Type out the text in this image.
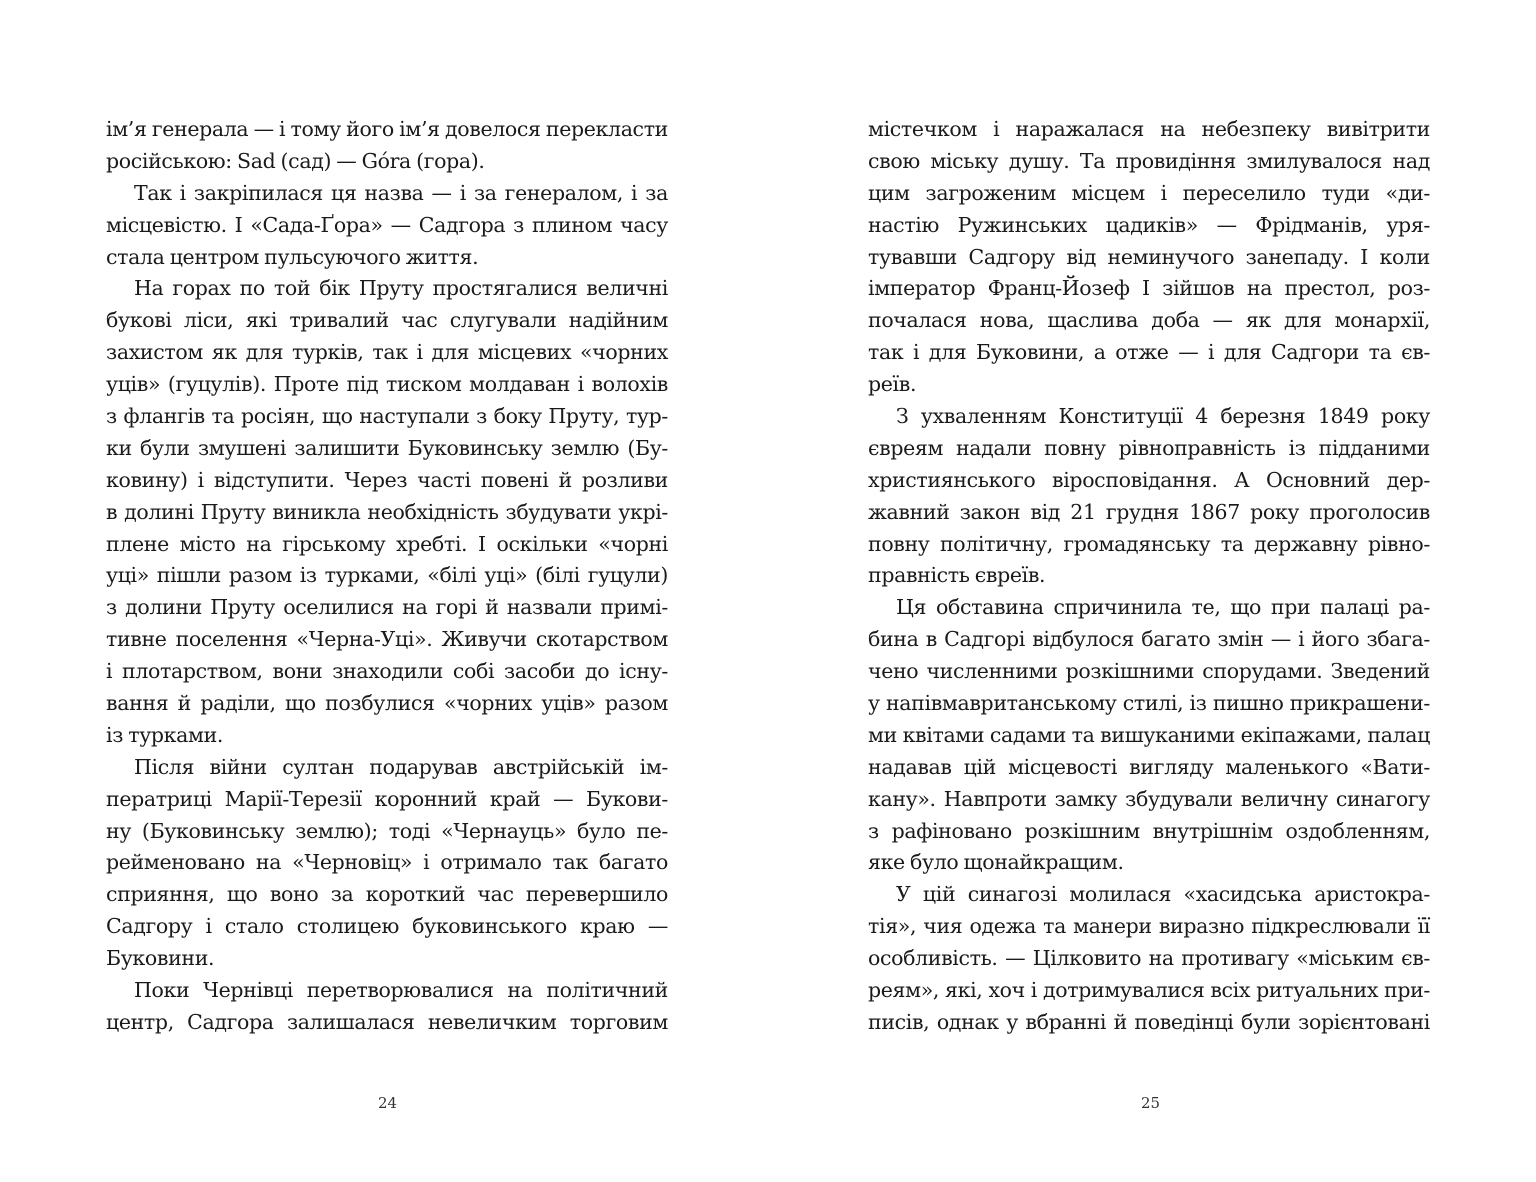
ім’я генерала — і тому його ім’я довелося перекласти
російською: Sad (сад) — Góra (гора).
Так і закріпилася ця назва — і за генералом, і за
місцевістю. І «Сада-Ґора» — Садгора з плином часу
стала центром пульсуючого життя.
На горах по той бік Пруту простягалися величні
букові ліси, які тривалий час слугували надійним
захистом як для турків, так і для місцевих «чорних
уців» (гуцулів). Проте під тиском молдаван і волохів
з флангів та росіян, що наступали з боку Пруту, тур-
ки були змушені залишити Буковинську землю (Бу-
ковину) і відступити. Через часті повені й розливи
в долині Пруту виникла необхідність збудувати укрі-
плене місто на гірському хребті. І оскільки «чорні
уці» пішли разом із турками, «білі уці» (білі гуцули)
з долини Пруту оселилися на горі й назвали примі-
тивне поселення «Черна-Уці». Живучи скотарством
і плотарством, вони знаходили собі засоби до існу-
вання й раділи, що позбулися «чорних уців» разом
із турками.
Після війни султан подарував австрійській ім-
ператриці Марії-Терезії коронний край — Букови-
ну (Буковинську землю); тоді «Чернауць» було пе-
рейменовано на «Черновіц» і отримало так багато
сприяння, що воно за короткий час перевершило
Садгору і стало столицею буковинського краю —
Буковини.
Поки Чернівці перетворювалися на політичний
центр, Садгора залишалася невеличким торговим
містечком і наражалася на небезпеку вивітрити
свою міську душу. Та провидіння змилувалося над
цим загроженим місцем і переселило туди «ди-
настію Ружинських цадиків» — Фрідманів, уря-
тувавши Садгору від неминучого занепаду. І коли
імператор Франц-Йозеф I зійшов на престол, роз-
почалася нова, щаслива доба — як для монархії,
так і для Буковини, а отже — і для Садгори та єв-
реїв.
З ухваленням Конституції 4 березня 1849 року
євреям надали повну рівноправність із підданими
християнського віросповідання. А Основний дер-
жавний закон від 21 грудня 1867 року проголосив
повну політичну, громадянську та державну рівно-
правність євреїв.
Ця обставина спричинила те, що при палаці ра-
бина в Садгорі відбулося багато змін — і його збага-
чено численними розкішними спорудами. Зведений
у напівмавританському стилі, із пишно прикрашени-
ми квітами садами та вишуканими екіпажами, палац
надавав цій місцевості вигляду маленького «Вати-
кану». Навпроти замку збудували величну синагогу
з рафіновано розкішним внутрішнім оздобленням,
яке було щонайкращим.
У цій синагозі молилася «хасидська аристокра-
тія», чия одежа та манери виразно підкреслювали її
особливість. — Цілковито на противагу «міським єв-
реям», які, хоч і дотримувалися всіх ритуальних при-
писів, однак у вбранні й поведінці були зорієнтовані
24	25
